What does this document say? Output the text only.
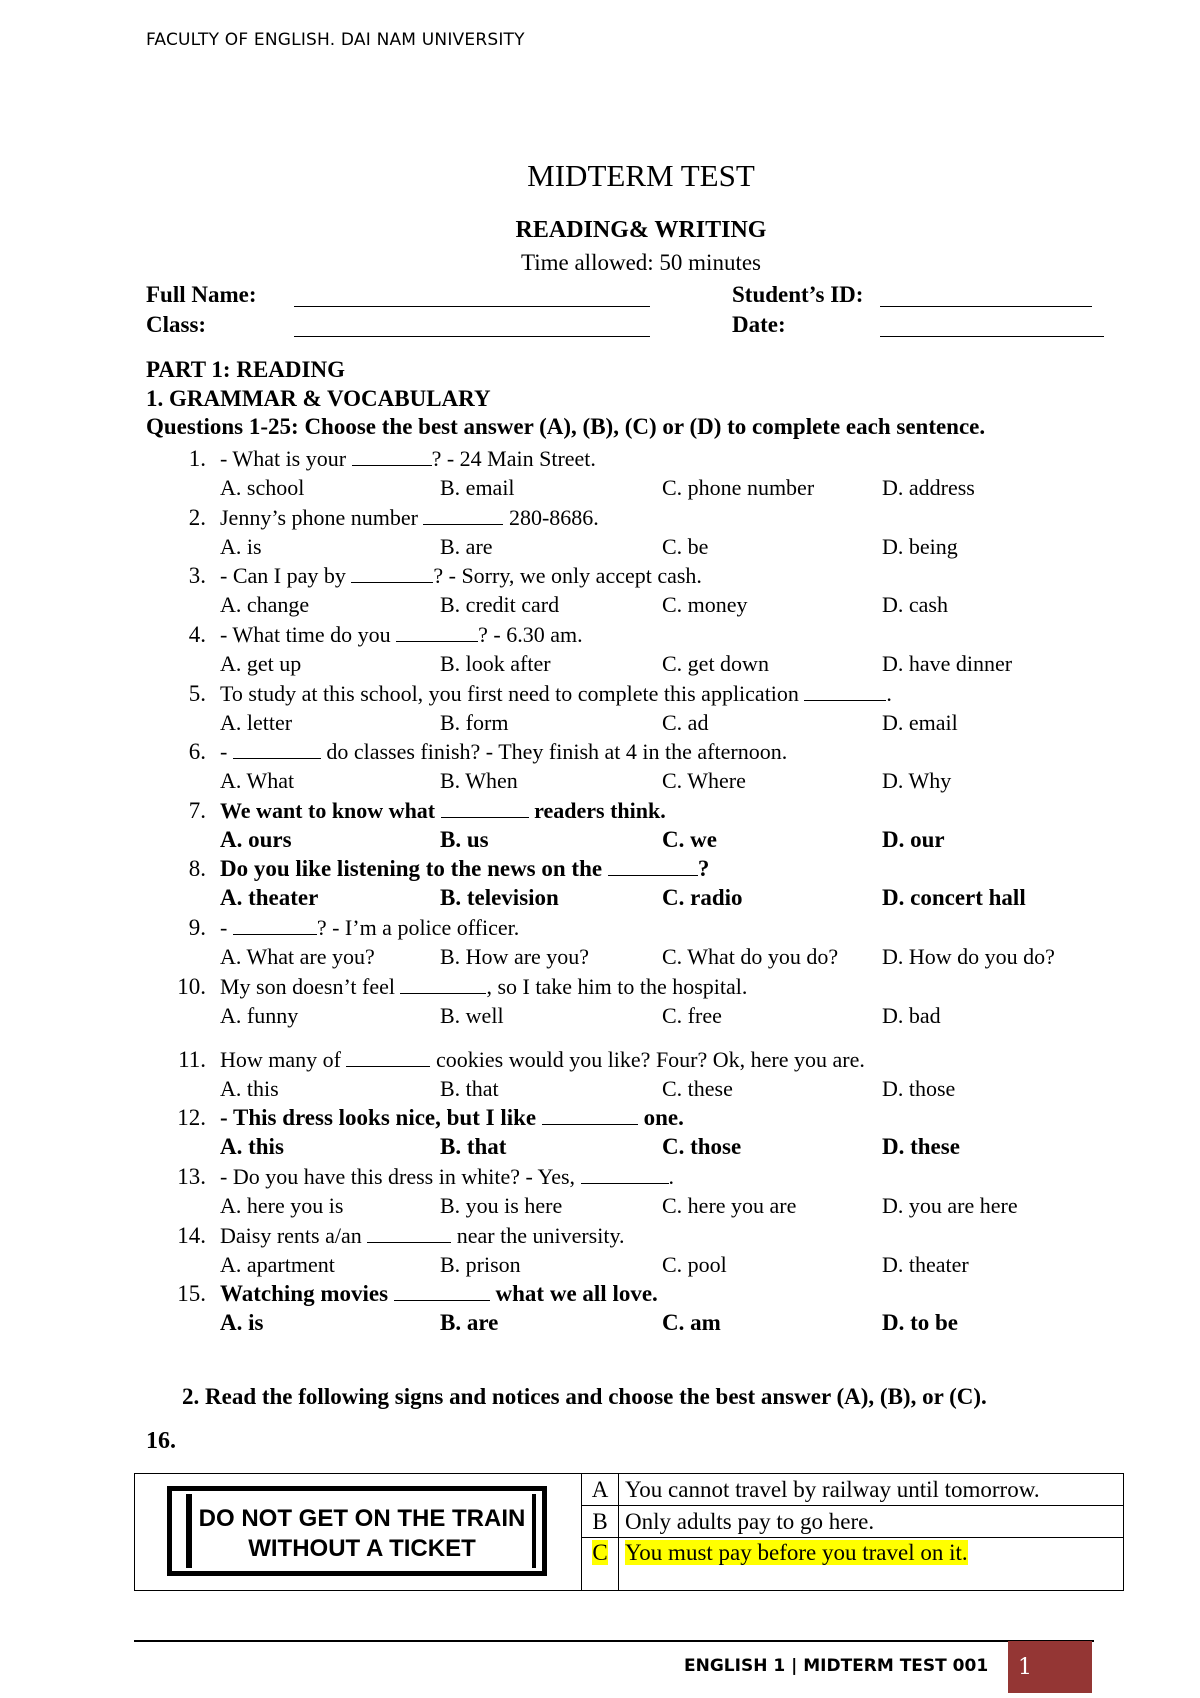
FACULTY OF ENGLISH. DAI NAM UNIVERSITY
MIDTERM TEST
READING& WRITING
Time allowed: 50 minutes
Full Name:	Student’s ID:
Class:	Date:
PART 1: READING
1. GRAMMAR & VOCABULARY
Questions 1-25: Choose the best answer (A), (B), (C) or (D) to complete each sentence.
1. - What is your	? - 24 Main Street.
A. school	B. email	C. phone number	D. address
2. Jenny’s phone number	280-8686.
A. is	B. are	C. be	D. being
3. - Can I pay by	? - Sorry, we only accept cash.
A. change	B. credit card	C. money	D. cash
4. - What time do you	? - 6.30 am.
A. get up	B. look after	C. get down	D. have dinner
5. To study at this school, you first need to complete this application	.
A. letter	B. form	C. ad	D. email
6. -	do classes finish? - They finish at 4 in the afternoon.
A. What	B. When	C. Where	D. Why
7. We want to know what	readers think.
A. ours	B. us	C. we	D. our
8. Do you like listening to the news on the	?
A. theater	B. television	C. radio	D. concert hall
9. -	? - I’m a police officer.
A. What are you?	B. How are you?	C. What do you do? D. How do you do?
10. My son doesn’t feel	, so I take him to the hospital.
A. funny	B. well	C. free	D. bad
11. How many of	cookies would you like? Four? Ok, here you are.
A. this	B. that	C. these	D. those
12. - This dress looks nice, but I like	one.
A. this	B. that	C. those	D. these
13. - Do you have this dress in white? - Yes,	.
A. here you is	B. you is here	C. here you are	D. you are here
14. Daisy rents a/an	near the university.
A. apartment	B. prison	C. pool	D. theater
15. Watching movies	what we all love.
A. is	B. are	C. am	D. to be
2. Read the following signs and notices and choose the best answer (A), (B), or (C).
16.
	A	You cannot travel by railway until tomorrow.
	B	Only adults pay to go here.
	C	You must pay before you travel on it.
DO NOT GET ON THE TRAIN WITHOUT A TICKET
ENGLISH 1 | MIDTERM TEST 001 1
